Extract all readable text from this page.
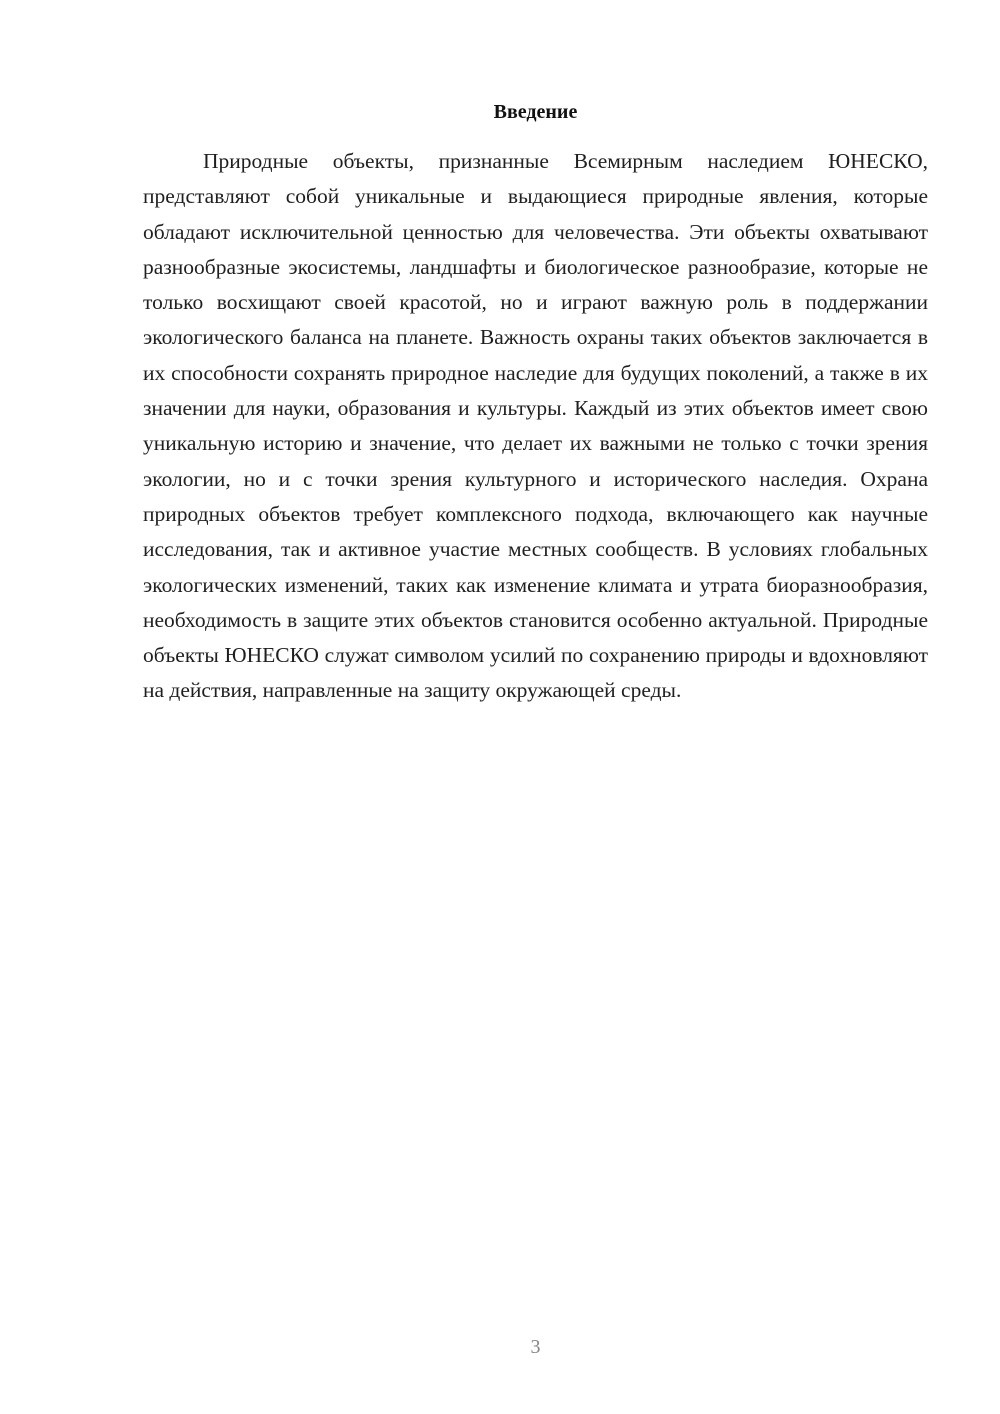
Введение

Природные объекты, признанные Всемирным наследием ЮНЕСКО, представляют собой уникальные и выдающиеся природные явления, которые обладают исключительной ценностью для человечества. Эти объекты охватывают разнообразные экосистемы, ландшафты и биологическое разнообразие, которые не только восхищают своей красотой, но и играют важную роль в поддержании экологического баланса на планете. Важность охраны таких объектов заключается в их способности сохранять природное наследие для будущих поколений, а также в их значении для науки, образования и культуры. Каждый из этих объектов имеет свою уникальную историю и значение, что делает их важными не только с точки зрения экологии, но и с точки зрения культурного и исторического наследия. Охрана природных объектов требует комплексного подхода, включающего как научные исследования, так и активное участие местных сообществ. В условиях глобальных экологических изменений, таких как изменение климата и утрата биоразнообразия, необходимость в защите этих объектов становится особенно актуальной. Природные объекты ЮНЕСКО служат символом усилий по сохранению природы и вдохновляют на действия, направленные на защиту окружающей среды.

3
